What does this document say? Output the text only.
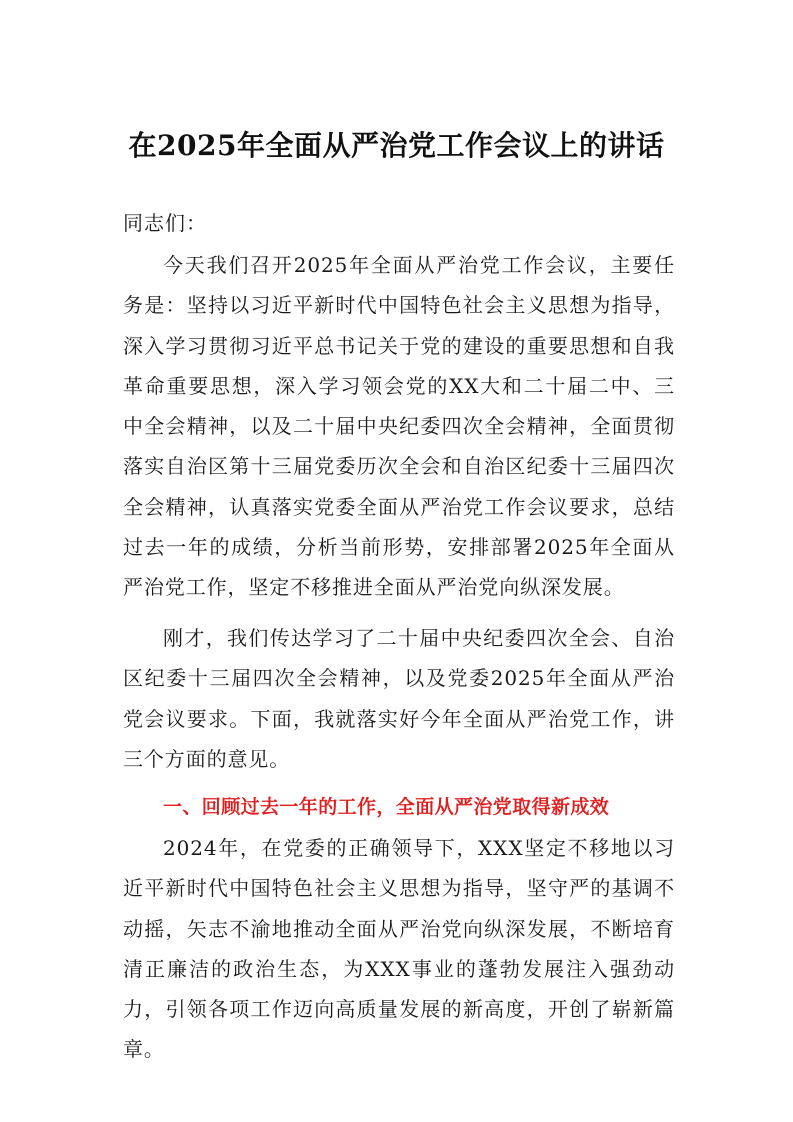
在2025年全面从严治党工作会议上的讲话
同志们：
今天我们召开2025年全面从严治党工作会议，主要任务是：坚持以习近平新时代中国特色社会主义思想为指导，深入学习贯彻习近平总书记关于党的建设的重要思想和自我革命重要思想，深入学习领会党的XX大和二十届二中、三中全会精神，以及二十届中央纪委四次全会精神，全面贯彻落实自治区第十三届党委历次全会和自治区纪委十三届四次全会精神，认真落实党委全面从严治党工作会议要求，总结过去一年的成绩，分析当前形势，安排部署2025年全面从严治党工作，坚定不移推进全面从严治党向纵深发展。
刚才，我们传达学习了二十届中央纪委四次全会、自治区纪委十三届四次全会精神，以及党委2025年全面从严治党会议要求。下面，我就落实好今年全面从严治党工作，讲三个方面的意见。
一、回顾过去一年的工作，全面从严治党取得新成效
2024年，在党委的正确领导下，XXX坚定不移地以习近平新时代中国特色社会主义思想为指导，坚守严的基调不动摇，矢志不渝地推动全面从严治党向纵深发展，不断培育清正廉洁的政治生态，为XXX事业的蓬勃发展注入强劲动力，引领各项工作迈向高质量发展的新高度，开创了崭新篇章。
